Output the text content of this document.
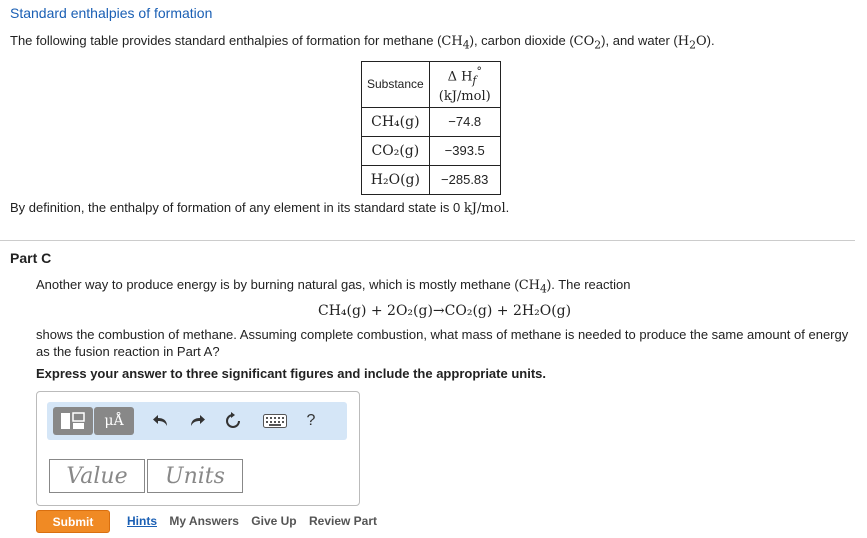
Standard enthalpies of formation
The following table provides standard enthalpies of formation for methane $(CH_4)$, carbon dioxide $(CO_2)$, and water $(H_2O)$.
Substance	Δ $H_f^\circ$
(kJ/mol)
CH₄(g)	−74.8
CO₂(g)	−393.5
H₂O(g)	−285.83
By definition, the enthalpy of formation of any element in its standard state is 0 kJ/mol.
Part C
Another way to produce energy is by burning natural gas, which is mostly methane $(CH_4)$. The reaction
CH₄(g) + 2O₂(g)→CO₂(g) + 2H₂O(g)
shows the combustion of methane. Assuming complete combustion, what mass of methane is needed to produce the same amount of energy as the fusion reaction in Part A?
Express your answer to three significant figures and include the appropriate units.
μÅ	?
Value	Units
Submit	Hints My Answers Give Up Review Part
